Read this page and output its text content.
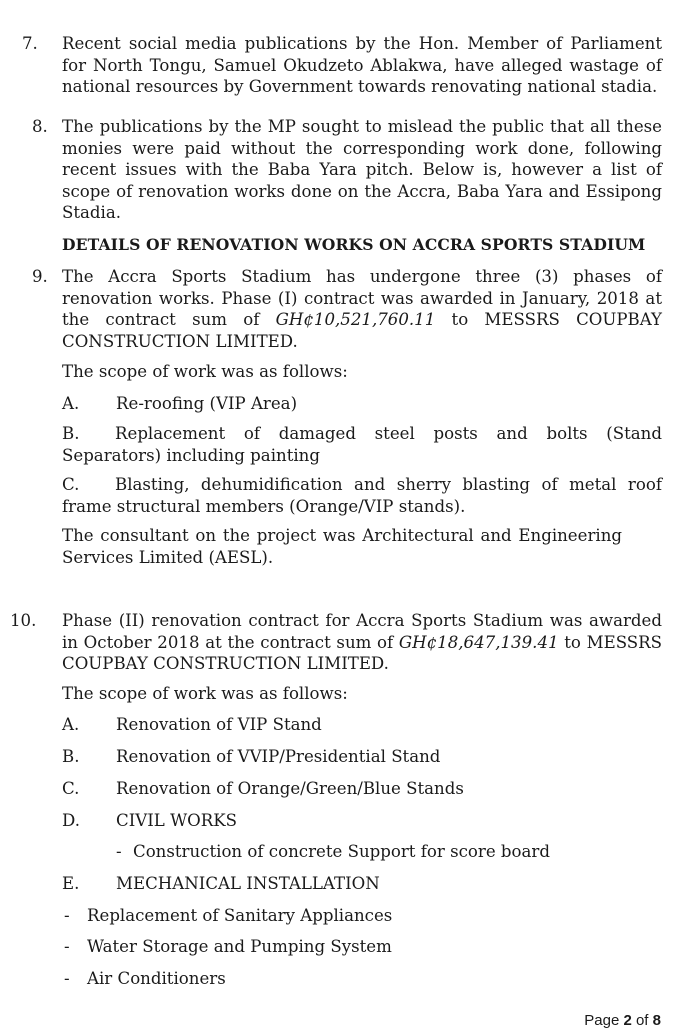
7. Recent social media publications by the Hon. Member of Parliament for North Tongu, Samuel Okudzeto Ablakwa, have alleged wastage of national resources by Government towards renovating national stadia.
8. The publications by the MP sought to mislead the public that all these monies were paid without the corresponding work done, following recent issues with the Baba Yara pitch. Below is, however a list of scope of renovation works done on the Accra, Baba Yara and Essipong Stadia.
DETAILS OF RENOVATION WORKS ON ACCRA SPORTS STADIUM
9. The Accra Sports Stadium has undergone three (3) phases of renovation works. Phase (I) contract was awarded in January, 2018 at the contract sum of GH¢10,521,760.11 to MESSRS COUPBAY CONSTRUCTION LIMITED.
The scope of work was as follows:
A. Re-roofing (VIP Area)
B. Replacement of damaged steel posts and bolts (Stand Separators) including painting
C. Blasting, dehumidification and sherry blasting of metal roof frame structural members (Orange/VIP stands).
The consultant on the project was Architectural and Engineering Services Limited (AESL).
10. Phase (II) renovation contract for Accra Sports Stadium was awarded in October 2018 at the contract sum of GH¢18,647,139.41 to MESSRS COUPBAY CONSTRUCTION LIMITED.
The scope of work was as follows:
A. Renovation of VIP Stand
B. Renovation of VVIP/Presidential Stand
C. Renovation of Orange/Green/Blue Stands
D. CIVIL WORKS
- Construction of concrete Support for score board
E. MECHANICAL INSTALLATION
- Replacement of Sanitary Appliances
- Water Storage and Pumping System
- Air Conditioners
Page 2 of 8
